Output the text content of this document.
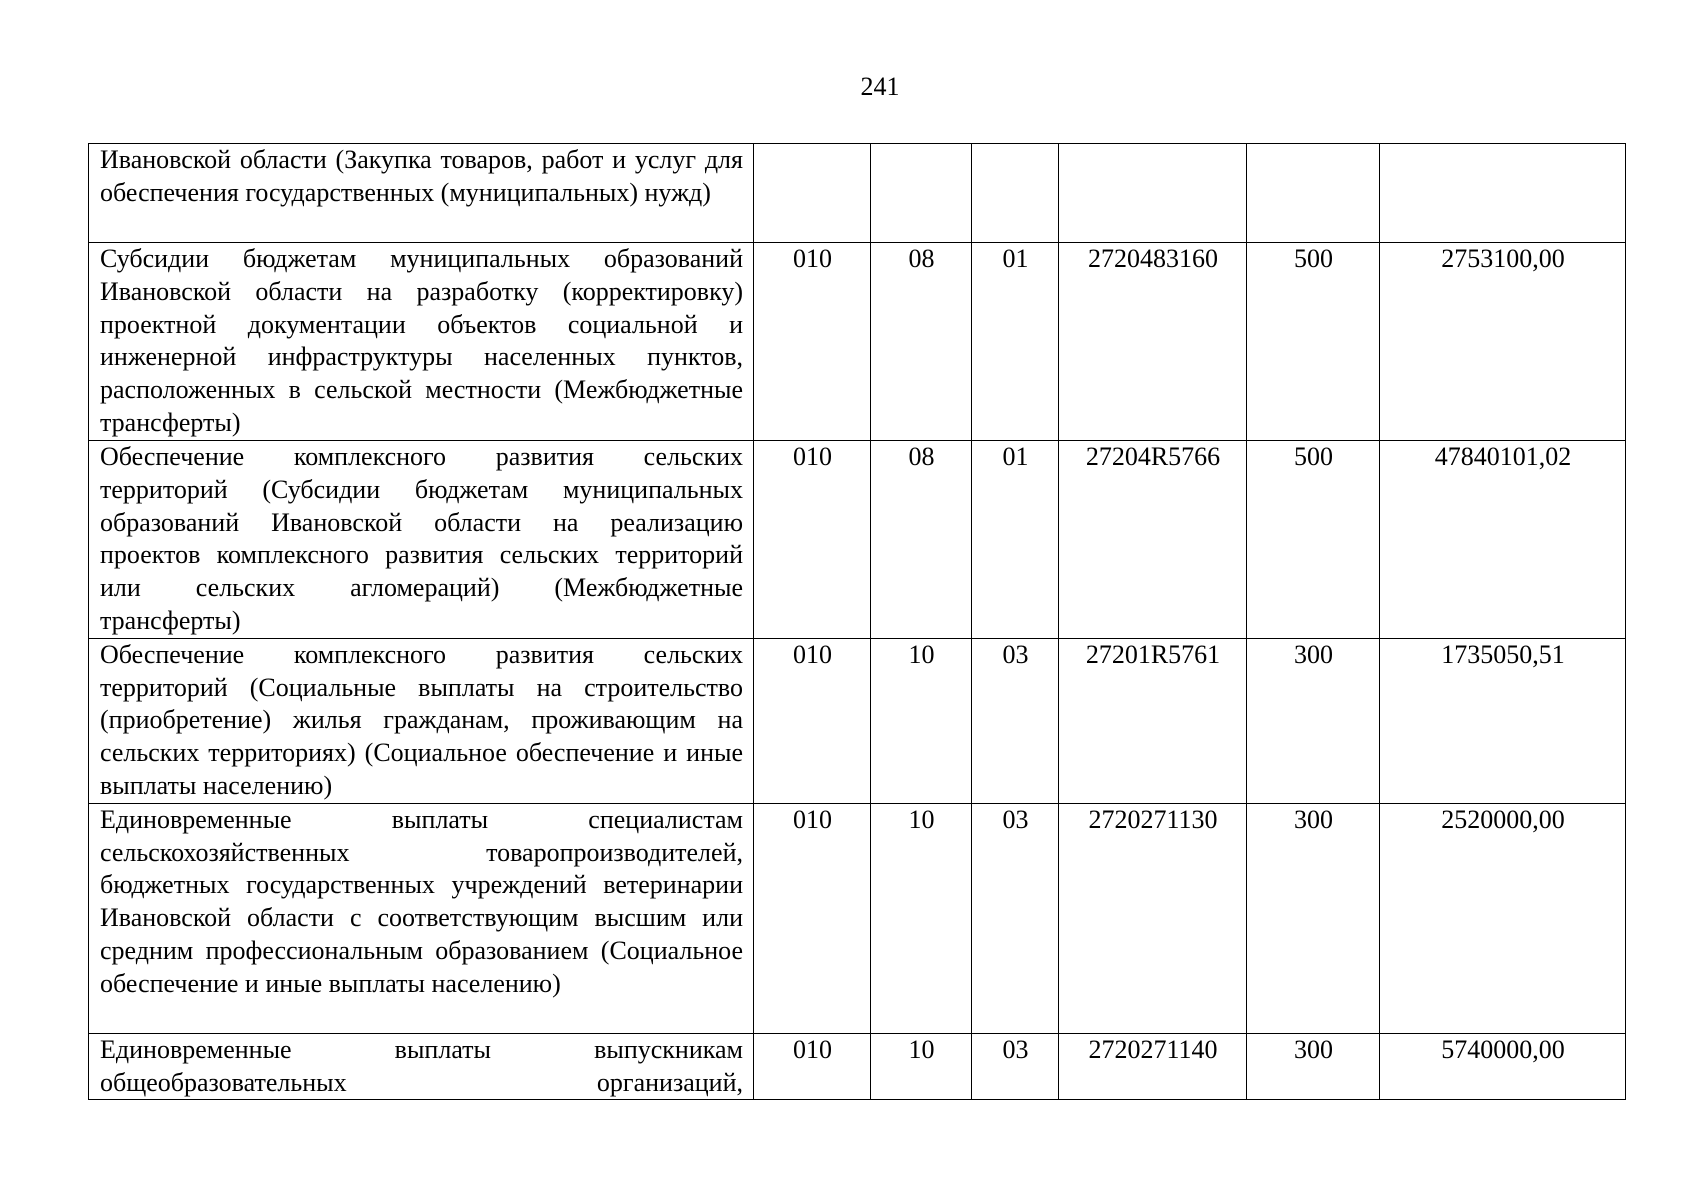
241
Ивановской области (Закупка товаров, работ и услуг для обеспечения государственных (муниципальных) нужд)						
Субсидии бюджетам муниципальных образований Ивановской области на разработку (корректировку) проектной документации объектов социальной и инженерной инфраструктуры населенных пунктов, расположенных в сельской местности (Межбюджетные трансферты)	010	08	01	2720483160	500	2753100,00
Обеспечение комплексного развития сельских территорий (Субсидии бюджетам муниципальных образований Ивановской области на реализацию проектов комплексного развития сельских территорий или сельских агломераций) (Межбюджетные трансферты)	010	08	01	27204R5766	500	47840101,02
Обеспечение комплексного развития сельских территорий (Социальные выплаты на строительство (приобретение) жилья гражданам, проживающим на сельских территориях) (Социальное обеспечение и иные выплаты населению)	010	10	03	27201R5761	300	1735050,51
Единовременные выплаты специалистам сельскохозяйственных товаропроизводителей, бюджетных государственных учреждений ветеринарии Ивановской области с соответствующим высшим или средним профессиональным образованием (Социальное обеспечение и иные выплаты населению)	010	10	03	2720271130	300	2520000,00
Единовременные выплаты выпускникам общеобразовательных организаций,	010	10	03	2720271140	300	5740000,00
